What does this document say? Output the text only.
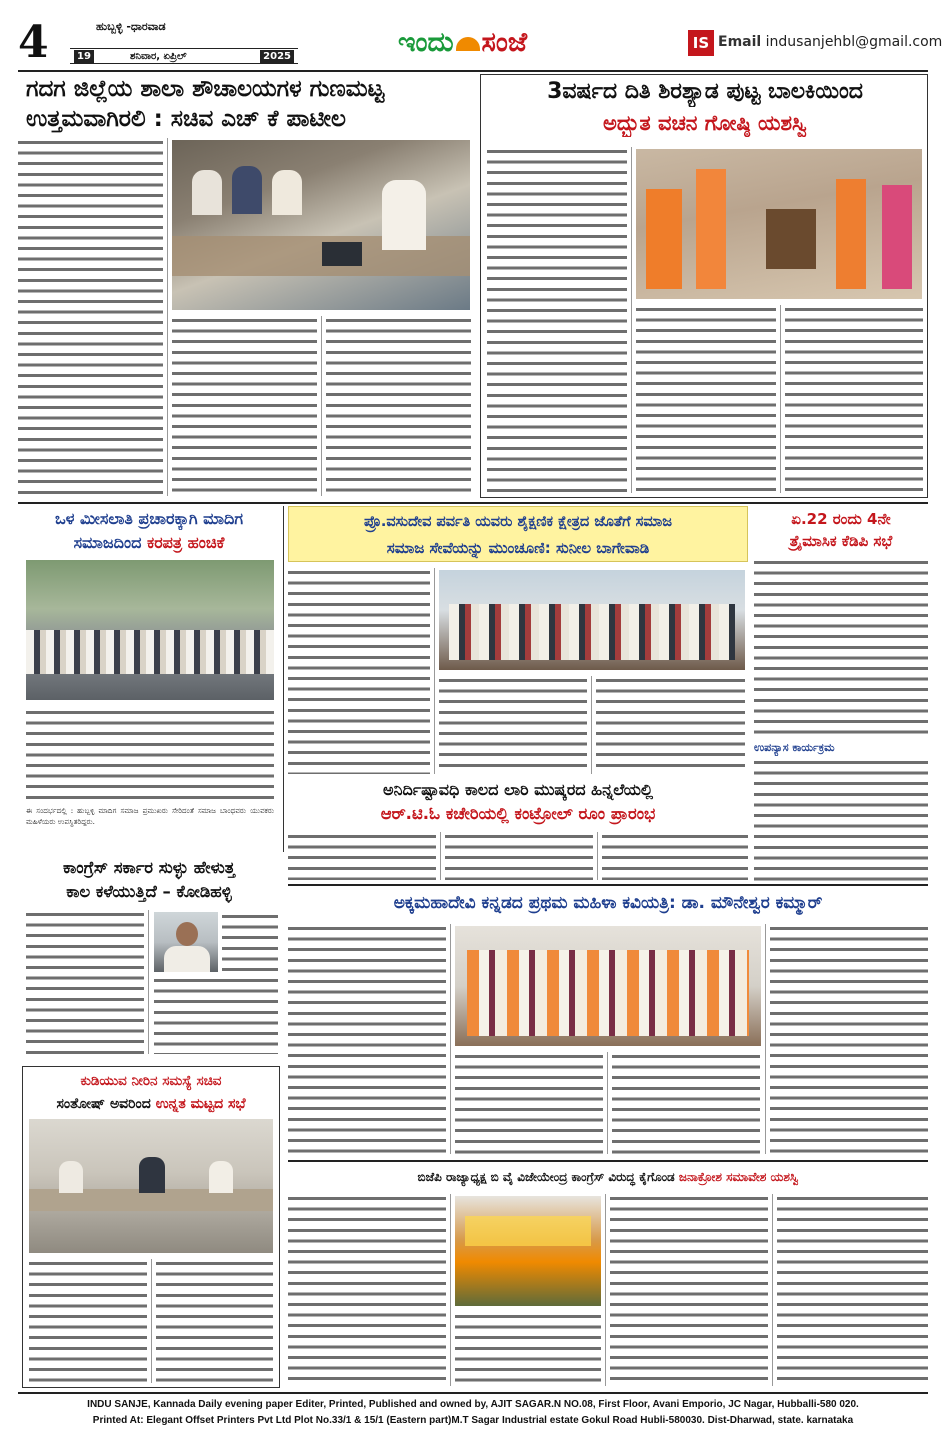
4	ಹುಬ್ಬಳ್ಳಿ -ಧಾರವಾಡ
19	ಶನಿವಾರ, ಏಪ್ರಿಲ್	2025	ಇಂದು ಸಂಜೆ	IS Email indusanjehbl@gmail.com
ಗದಗ ಜಿಲ್ಲೆಯ ಶಾಲಾ ಶೌಚಾಲಯಗಳ ಗುಣಮಟ್ಟ
ಉತ್ತಮವಾಗಿರಲಿ : ಸಚಿವ ಎಚ್ ಕೆ ಪಾಟೀಲ
3ವರ್ಷದ ದಿತಿ ಶಿರಶ್ಯಾಡ ಪುಟ್ಟ ಬಾಲಕಿಯಿಂದ
ಅದ್ಭುತ ವಚನ ಗೋಷ್ಠಿ ಯಶಸ್ವಿ
ಒಳ ಮೀಸಲಾತಿ ಪ್ರಚಾರಕ್ಕಾಗಿ ಮಾದಿಗ
ಸಮಾಜದಿಂದ ಕರಪತ್ರ ಹಂಚಿಕೆ
ಈ ಸಂದರ್ಭದಲ್ಲಿ : ಹುಬ್ಬಳ್ಳಿ ಮಾದಿಗ ಸಮಾಜ ಪ್ರಮುಖರು ಸೇರಿದಂತೆ ಸಮಾಜ ಬಾಂಧವರು ಯುವಕರು ಮಹಿಳೆಯರು ಉಪಸ್ಥಿತರಿದ್ದರು.
ಪ್ರೊ.ವಸುದೇವ ಪರ್ವತಿ ಯವರು ಶೈಕ್ಷಣಿಕ ಕ್ಷೇತ್ರದ ಜೊತೆಗೆ ಸಮಾಜ
ಸಮಾಜ ಸೇವೆಯನ್ನು ಮುಂಚೂಣಿ: ಸುನೀಲ ಬಾಗೇವಾಡಿ
ಏ.22 ರಂದು 4ನೇ
ತ್ರೈಮಾಸಿಕ ಕೆಡಿಪಿ ಸಭೆ
ಉಪನ್ಯಾಸ ಕಾರ್ಯಕ್ರಮ
ಕಾಂಗ್ರೆಸ್ ಸರ್ಕಾರ ಸುಳ್ಳು ಹೇಳುತ್ತ
ಕಾಲ ಕಳೆಯುತ್ತಿದೆ – ಕೋಡಿಹಳ್ಳಿ
ಅನಿರ್ದಿಷ್ಟಾವಧಿ ಕಾಲದ ಲಾರಿ ಮುಷ್ಕರದ ಹಿನ್ನಲೆಯಲ್ಲಿ
ಆರ್.ಟಿ.ಓ ಕಚೇರಿಯಲ್ಲಿ ಕಂಟ್ರೋಲ್ ರೂಂ ಪ್ರಾರಂಭ
ಅಕ್ಕಮಹಾದೇವಿ ಕನ್ನಡದ ಪ್ರಥಮ ಮಹಿಳಾ ಕವಿಯತ್ರಿ: ಡಾ. ಮೌನೇಶ್ವರ ಕಮ್ಮಾರ್
ಕುಡಿಯುವ ನೀರಿನ ಸಮಸ್ಯೆ ಸಚಿವ
ಸಂತೋಷ್ ಅವರಿಂದ ಉನ್ನತ ಮಟ್ಟದ ಸಭೆ
ಬಿಜೆಪಿ ರಾಜ್ಯಾಧ್ಯಕ್ಷ ಬಿ ವೈ ವಿಜೇಯೇಂದ್ರ ಕಾಂಗ್ರೆಸ್ ವಿರುದ್ಧ ಕೈಗೊಂಡ ಜನಾಕ್ರೋಶ ಸಮಾವೇಶ ಯಶಸ್ವಿ
INDU SANJE, Kannada Daily evening paper Editer, Printed, Published and owned by, AJIT SAGAR.N NO.08, First Floor, Avani Emporio, JC Nagar, Hubballi-580 020.
Printed At: Elegant Offset Printers Pvt Ltd Plot No.33/1 & 15/1 (Eastern part)M.T Sagar Industrial estate Gokul Road Hubli-580030. Dist-Dharwad, state. karnataka
